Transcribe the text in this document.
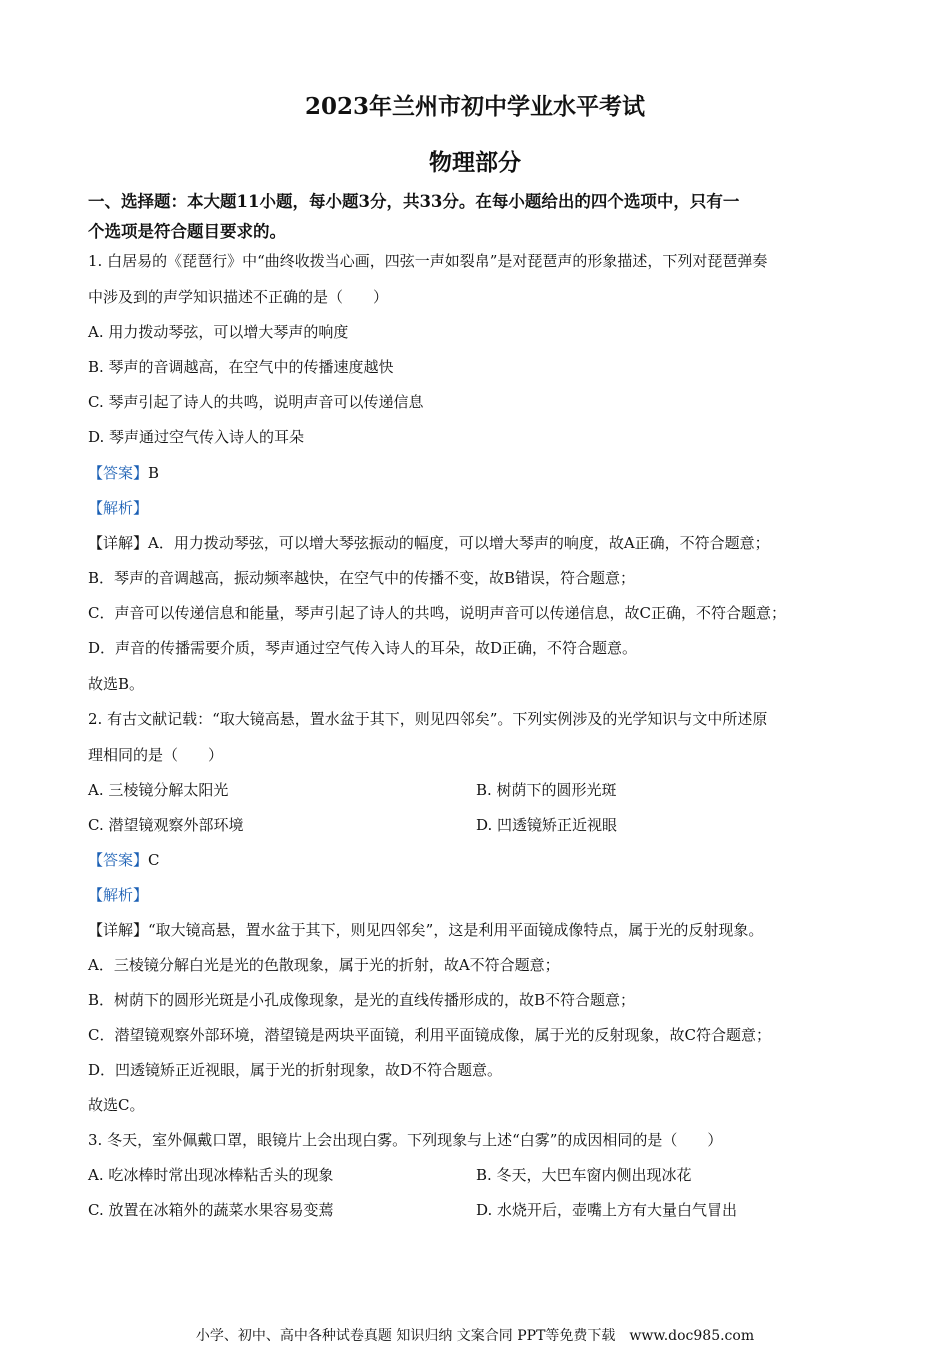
2023年兰州市初中学业水平考试
物理部分
一、选择题：本大题11小题，每小题3分，共33分。在每小题给出的四个选项中，只有一
个选项是符合题目要求的。
1. 白居易的《琵琶行》中“曲终收拨当心画，四弦一声如裂帛”是对琵琶声的形象描述，下列对琵琶弹奏
中涉及到的声学知识描述不正确的是（　　）
A. 用力拨动琴弦，可以增大琴声的响度
B. 琴声的音调越高，在空气中的传播速度越快
C. 琴声引起了诗人的共鸣，说明声音可以传递信息
D. 琴声通过空气传入诗人的耳朵
【答案】B
【解析】
【详解】A．用力拨动琴弦，可以增大琴弦振动的幅度，可以增大琴声的响度，故A正确，不符合题意；
B．琴声的音调越高，振动频率越快，在空气中的传播不变，故B错误，符合题意；
C．声音可以传递信息和能量，琴声引起了诗人的共鸣，说明声音可以传递信息，故C正确，不符合题意；
D．声音的传播需要介质，琴声通过空气传入诗人的耳朵，故D正确，不符合题意。
故选B。
2. 有古文献记载：“取大镜高悬，置水盆于其下，则见四邻矣”。下列实例涉及的光学知识与文中所述原
理相同的是（　　）
A. 三棱镜分解太阳光	B. 树荫下的圆形光斑
C. 潜望镜观察外部环境	D. 凹透镜矫正近视眼
【答案】C
【解析】
【详解】“取大镜高悬，置水盆于其下，则见四邻矣”，这是利用平面镜成像特点，属于光的反射现象。
A．三棱镜分解白光是光的色散现象，属于光的折射，故A不符合题意；
B．树荫下的圆形光斑是小孔成像现象，是光的直线传播形成的，故B不符合题意；
C．潜望镜观察外部环境，潜望镜是两块平面镜，利用平面镜成像，属于光的反射现象，故C符合题意；
D．凹透镜矫正近视眼，属于光的折射现象，故D不符合题意。
故选C。
3. 冬天，室外佩戴口罩，眼镜片上会出现白雾。下列现象与上述“白雾”的成因相同的是（　　）
A. 吃冰棒时常出现冰棒粘舌头的现象	B. 冬天，大巴车窗内侧出现冰花
C. 放置在冰箱外的蔬菜水果容易变蔫	D. 水烧开后，壶嘴上方有大量白气冒出
小学、初中、高中各种试卷真题 知识归纳 文案合同 PPT等免费下载　www.doc985.com
